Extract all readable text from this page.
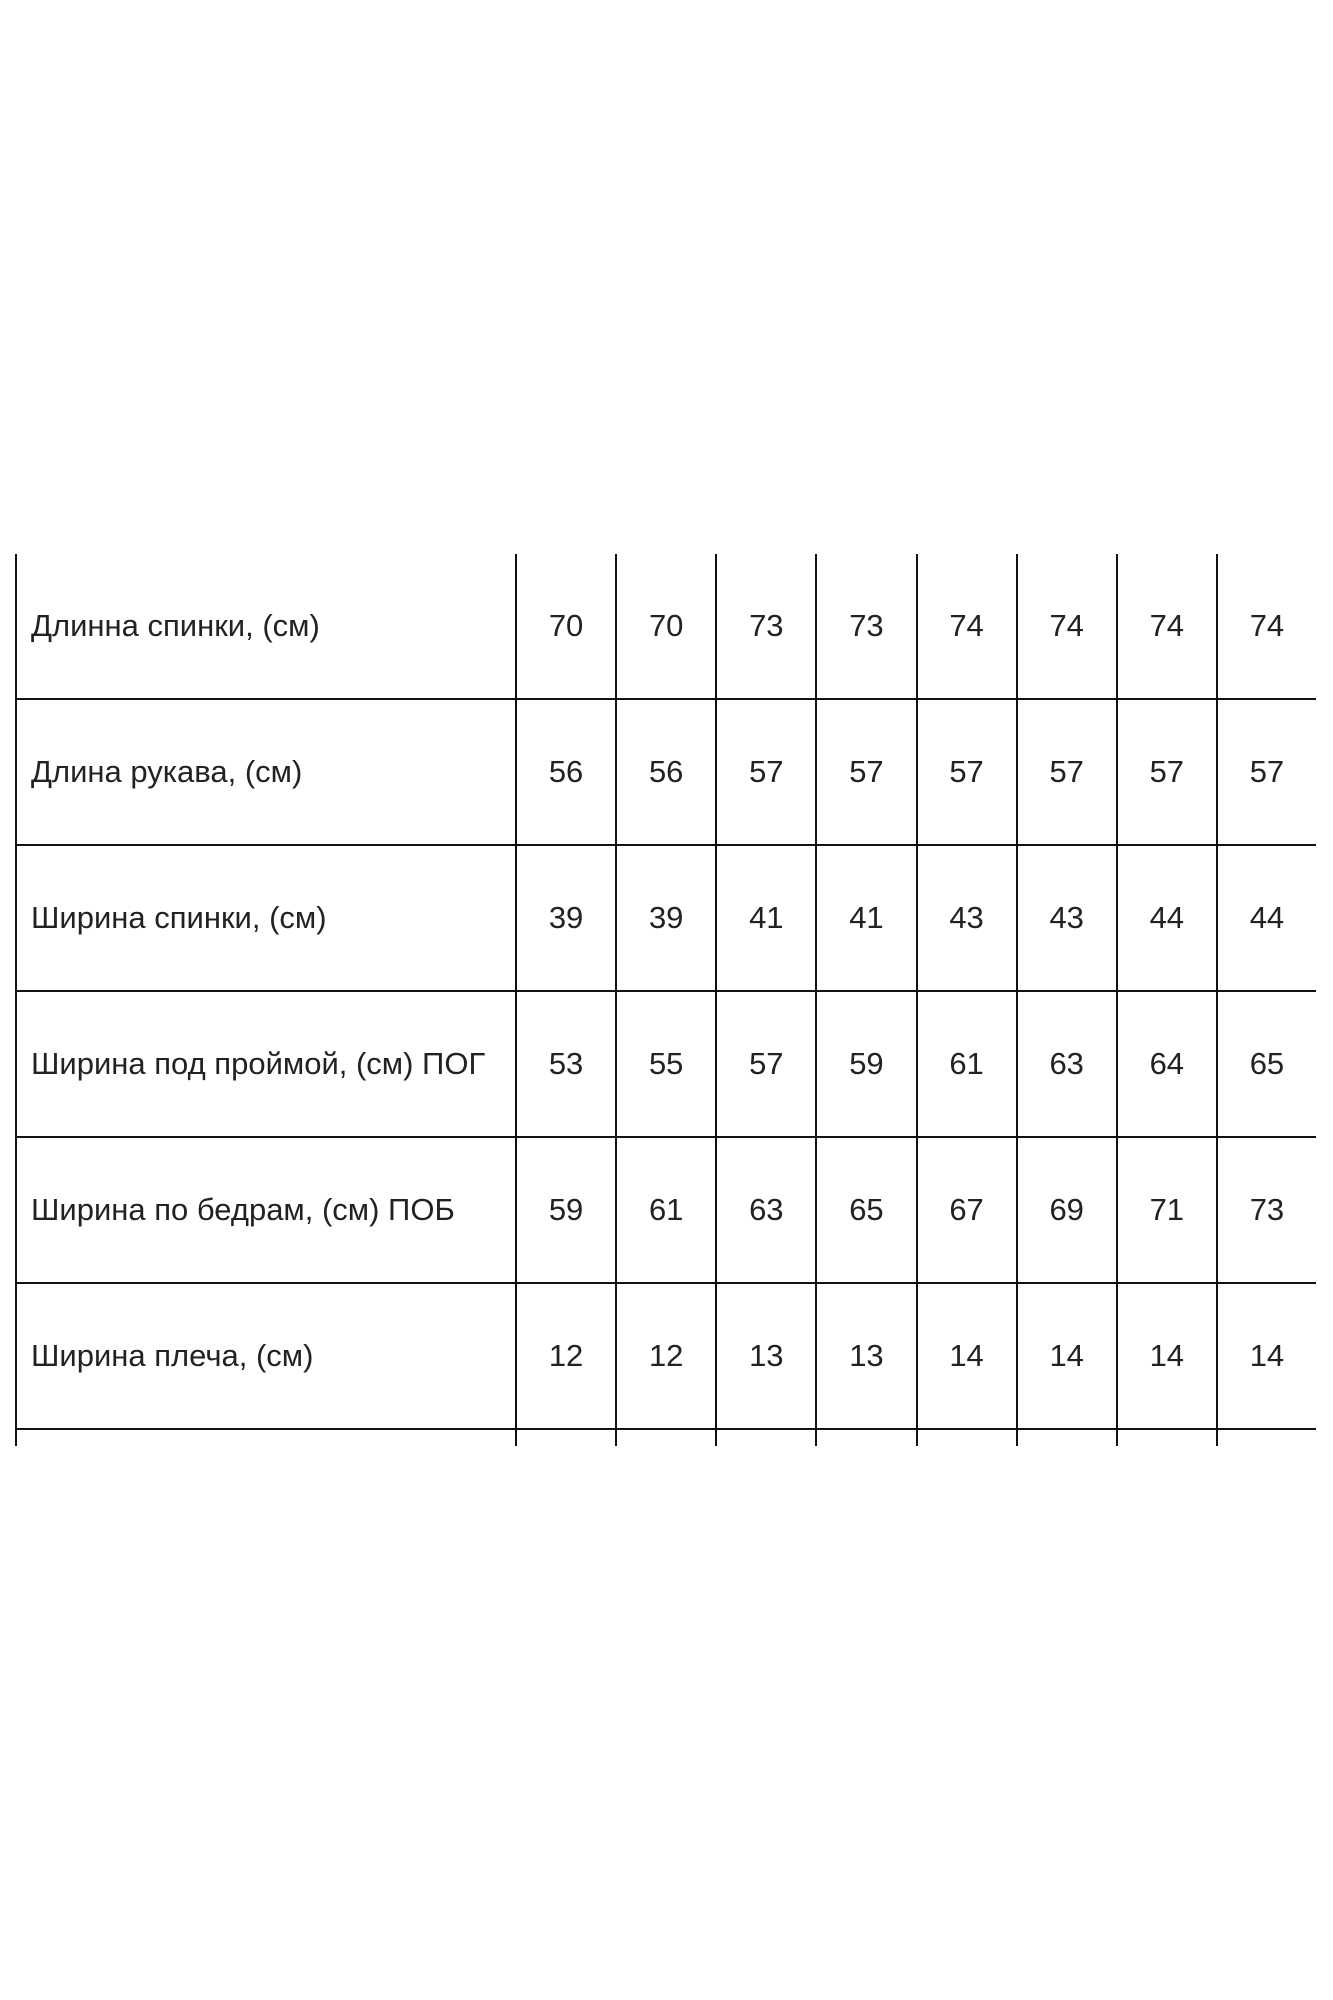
Длинна спинки, (см)	70	70	73	73	74	74	74	74
Длина рукава, (см)	56	56	57	57	57	57	57	57
Ширина спинки, (см)	39	39	41	41	43	43	44	44
Ширина под проймой, (см) ПОГ	53	55	57	59	61	63	64	65
Ширина по бедрам, (см) ПОБ	59	61	63	65	67	69	71	73
Ширина плеча, (см)	12	12	13	13	14	14	14	14
